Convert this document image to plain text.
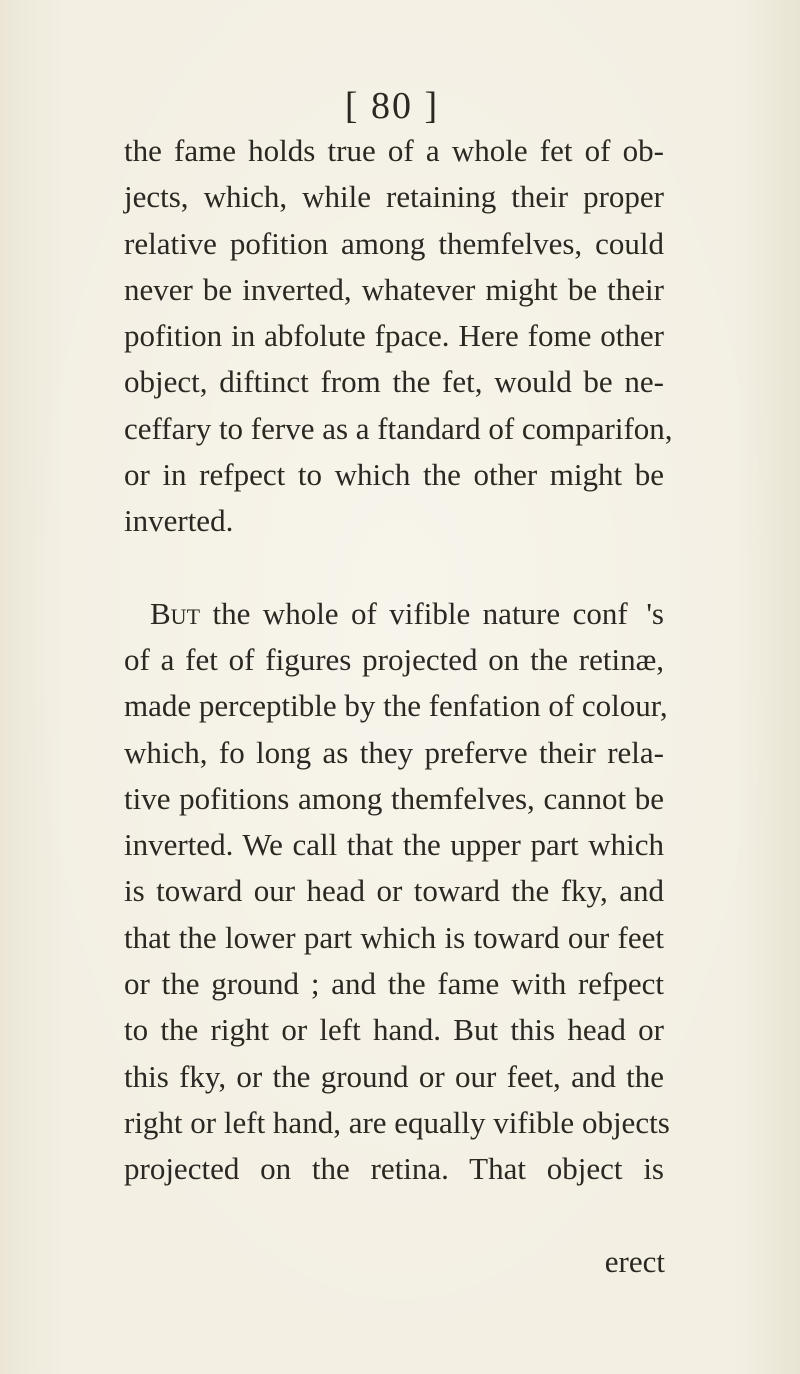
[ 80 ]
the fame holds true of a whole fet of ob-
jects, which, while retaining their proper
relative pofition among themfelves, could
never be inverted, whatever might be their
pofition in abfolute fpace. Here fome other
object, diftinct from the fet, would be ne-
ceffary to ferve as a ftandard of comparifon,
or in refpect to which the other might be
inverted.
But the whole of vifible nature conf  's
of a fet of figures projected on the retinæ,
made perceptible by the fenfation of colour,
which, fo long as they preferve their rela-
tive pofitions among themfelves, cannot be
inverted. We call that the upper part which
is toward our head or toward the fky, and
that the lower part which is toward our feet
or the ground ; and the fame with refpect
to the right or left hand. But this head or
this fky, or the ground or our feet, and the
right or left hand, are equally vifible objects
projected on the retina. That object is
erect
